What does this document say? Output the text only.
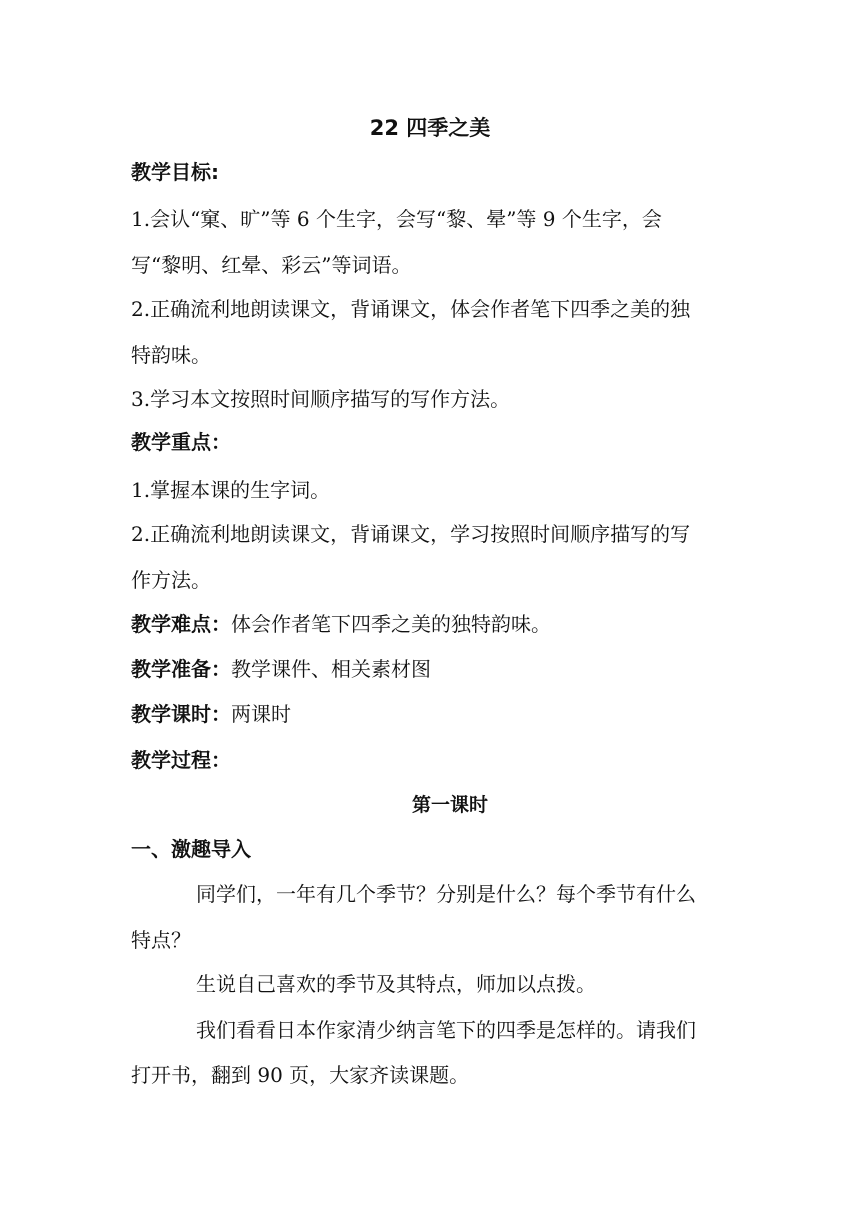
22 四季之美
教学目标:
1.会认“窠、旷”等 6 个生字，会写“黎、晕”等 9 个生字，会
写“黎明、红晕、彩云”等词语。
2.正确流利地朗读课文，背诵课文，体会作者笔下四季之美的独
特韵味。
3.学习本文按照时间顺序描写的写作方法。
教学重点：
1.掌握本课的生字词。
2.正确流利地朗读课文，背诵课文，学习按照时间顺序描写的写
作方法。
教学难点：体会作者笔下四季之美的独特韵味。
教学准备：教学课件、相关素材图
教学课时：两课时
教学过程：
第一课时
一、激趣导入
同学们，一年有几个季节？分别是什么？每个季节有什么
特点？
生说自己喜欢的季节及其特点，师加以点拨。
我们看看日本作家清少纳言笔下的四季是怎样的。请我们
打开书，翻到 90 页，大家齐读课题。
